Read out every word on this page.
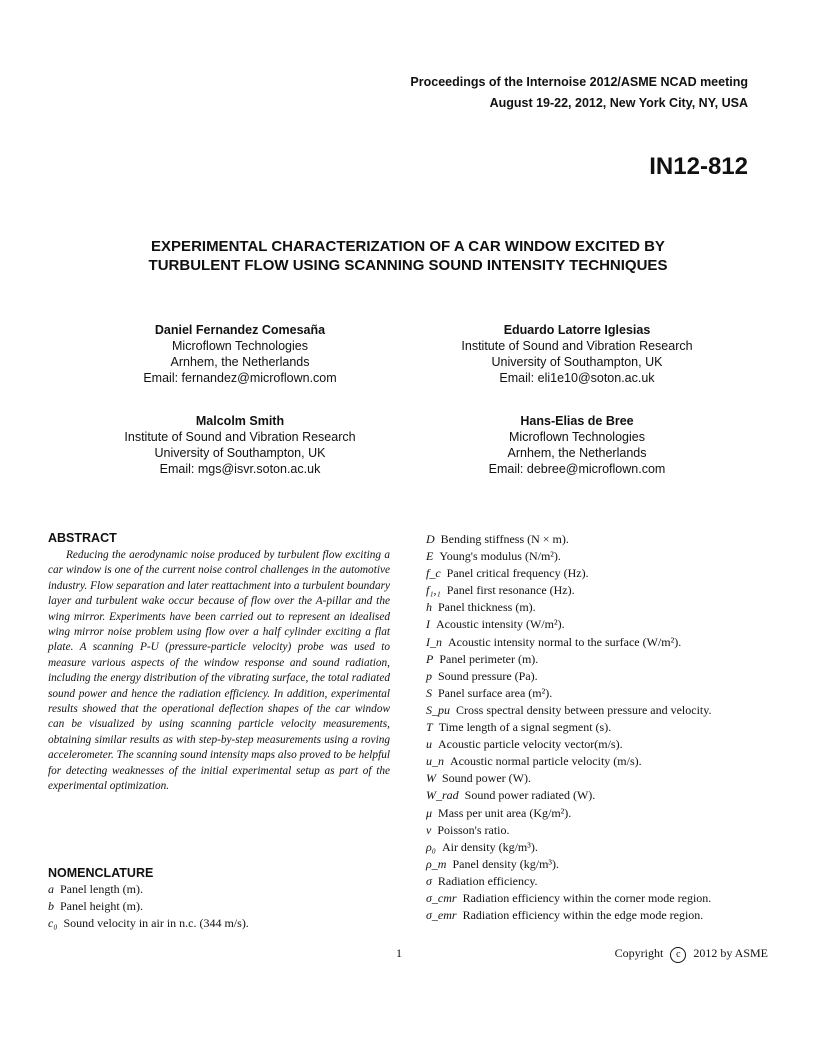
Proceedings of the Internoise 2012/ASME NCAD meeting
August 19-22, 2012, New York City, NY, USA
IN12-812
EXPERIMENTAL CHARACTERIZATION OF A CAR WINDOW EXCITED BY
TURBULENT FLOW USING SCANNING SOUND INTENSITY TECHNIQUES
Daniel Fernandez Comesaña
Microflown Technologies
Arnhem, the Netherlands
Email: fernandez@microflown.com
Eduardo Latorre Iglesias
Institute of Sound and Vibration Research
University of Southampton, UK
Email: eli1e10@soton.ac.uk
Malcolm Smith
Institute of Sound and Vibration Research
University of Southampton, UK
Email: mgs@isvr.soton.ac.uk
Hans-Elias de Bree
Microflown Technologies
Arnhem, the Netherlands
Email: debree@microflown.com
ABSTRACT
Reducing the aerodynamic noise produced by turbulent flow exciting a car window is one of the current noise control challenges in the automotive industry. Flow separation and later reattachment into a turbulent boundary layer and turbulent wake occur because of flow over the A-pillar and the wing mirror. Experiments have been carried out to represent an idealised wing mirror noise problem using flow over a half cylinder exciting a flat plate. A scanning P-U (pressure-particle velocity) probe was used to measure various aspects of the window response and sound radiation, including the energy distribution of the vibrating surface, the total radiated sound power and hence the radiation efficiency. In addition, experimental results showed that the operational deflection shapes of the car window can be visualized by using scanning particle velocity measurements, obtaining similar results as with step-by-step measurements using a roving accelerometer. The scanning sound intensity maps also proved to be helpful for detecting weaknesses of the initial experimental setup as part of the experimental optimization.
NOMENCLATURE
a Panel length (m).
b Panel height (m).
c₀ Sound velocity in air in n.c. (344 m/s).
D Bending stiffness (N × m).
E Young's modulus (N/m²).
f_c Panel critical frequency (Hz).
f₁,₁ Panel first resonance (Hz).
h Panel thickness (m).
I Acoustic intensity (W/m²).
I_n Acoustic intensity normal to the surface (W/m²).
P Panel perimeter (m).
p Sound pressure (Pa).
S Panel surface area (m²).
S_pu Cross spectral density between pressure and velocity.
T Time length of a signal segment (s).
u Acoustic particle velocity vector(m/s).
u_n Acoustic normal particle velocity (m/s).
W Sound power (W).
W_rad Sound power radiated (W).
μ Mass per unit area (Kg/m²).
ν Poisson's ratio.
ρ₀ Air density (kg/m³).
ρ_m Panel density (kg/m³).
σ Radiation efficiency.
σ_cmr Radiation efficiency within the corner mode region.
σ_emr Radiation efficiency within the edge mode region.
1	Copyright c 2012 by ASME
